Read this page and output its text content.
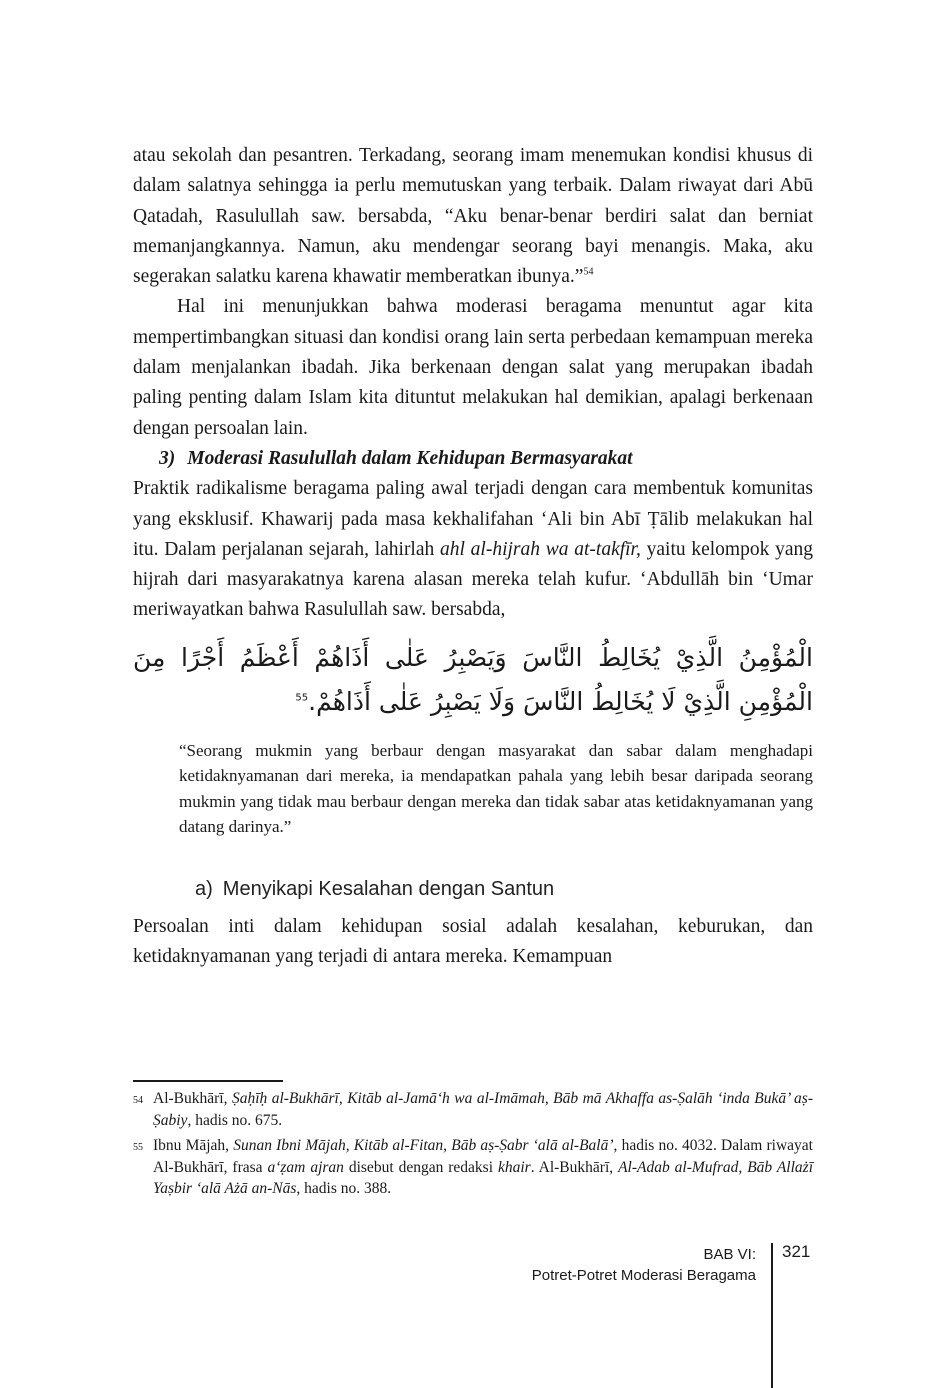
atau sekolah dan pesantren. Terkadang, seorang imam menemukan kondisi khusus di dalam salatnya sehingga ia perlu memutuskan yang terbaik. Dalam riwayat dari Abū Qatadah, Rasulullah saw. bersabda, “Aku benar-benar berdiri salat dan berniat memanjangkannya. Namun, aku mendengar seorang bayi menangis. Maka, aku segerakan salatku karena khawatir memberatkan ibunya.”$^{54}$

Hal ini menunjukkan bahwa moderasi beragama menuntut agar kita mempertimbangkan situasi dan kondisi orang lain serta perbedaan kemampuan mereka dalam menjalankan ibadah. Jika berkenaan dengan salat yang merupakan ibadah paling penting dalam Islam kita dituntut melakukan hal demikian, apalagi berkenaan dengan persoalan lain.

3) Moderasi Rasulullah dalam Kehidupan Bermasyarakat

Praktik radikalisme beragama paling awal terjadi dengan cara membentuk komunitas yang eksklusif. Khawarij pada masa kekhalifahan ‘Ali bin Abī Ṭālib melakukan hal itu. Dalam perjalanan sejarah, lahirlah ahl al-hijrah wa at-takfīr, yaitu kelompok yang hijrah dari masyarakatnya karena alasan mereka telah kufur. ‘Abdullāh bin ‘Umar meriwayatkan bahwa Rasulullah saw. bersabda,

الْمُؤْمِنُ الَّذِيْ يُخَالِطُ النَّاسَ وَيَصْبِرُ عَلٰى أَذَاهُمْ أَعْظَمُ أَجْرًا مِنَ الْمُؤْمِنِ الَّذِيْ لَا يُخَالِطُ النَّاسَ وَلَا يَصْبِرُ عَلٰى أَذَاهُمْ.$^{55}$
“Seorang mukmin yang berbaur dengan masyarakat dan sabar dalam menghadapi ketidaknyamanan dari mereka, ia mendapatkan pahala yang lebih besar daripada seorang mukmin yang tidak mau berbaur dengan mereka dan tidak sabar atas ketidaknyamanan yang datang darinya.”
a) Menyikapi Kesalahan dengan Santun

Persoalan inti dalam kehidupan sosial adalah kesalahan, keburukan, dan ketidaknyamanan yang terjadi di antara mereka. Kemampuan

54 Al-Bukhārī, Ṣaḥīḥ al-Bukhārī, Kitāb al-Jamā‘h wa al-Imāmah, Bāb mā Akhaffa as-Ṣalāh ‘inda Bukā’ aṣ-Ṣabiy, hadis no. 675.
55 Ibnu Mājah, Sunan Ibni Mājah, Kitāb al-Fitan, Bāb aṣ-Ṣabr ‘alā al-Balā’, hadis no. 4032. Dalam riwayat Al-Bukhārī, frasa a‘ẓam ajran disebut dengan redaksi khair. Al-Bukhārī, Al-Adab al-Mufrad, Bāb Allażī Yaṣbir ‘alā Ażā an-Nās, hadis no. 388.
BAB VI:
Potret-Potret Moderasi Beragama
321
